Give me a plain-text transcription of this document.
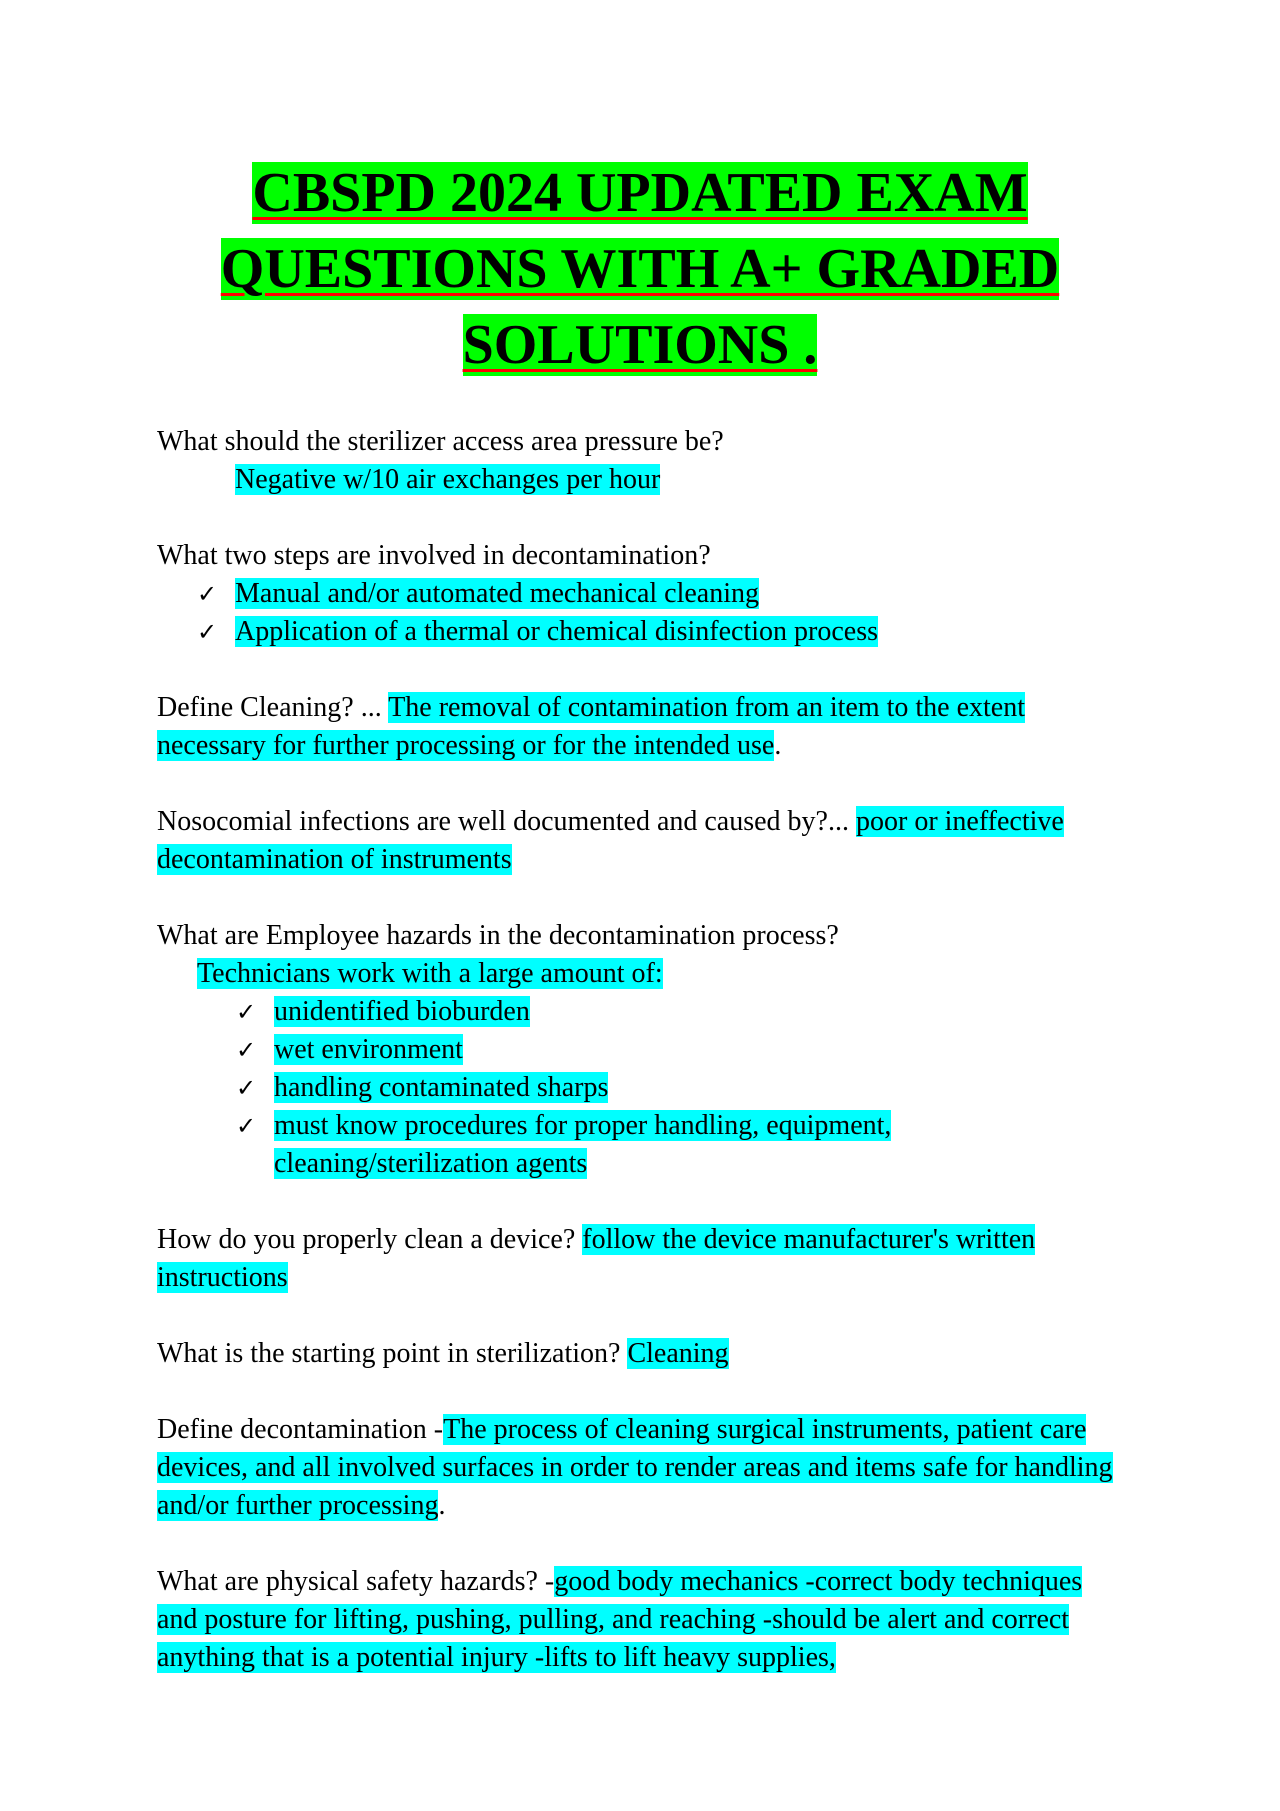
CBSPD 2024 UPDATED EXAM
QUESTIONS WITH A+ GRADED
SOLUTIONS .
What should the sterilizer access area pressure be?
Negative w/10 air exchanges per hour
What two steps are involved in decontamination?
✓ Manual and/or automated mechanical cleaning
✓ Application of a thermal or chemical disinfection process
Define Cleaning? ... The removal of contamination from an item to the extent necessary for further processing or for the intended use.
Nosocomial infections are well documented and caused by?... poor or ineffective decontamination of instruments
What are Employee hazards in the decontamination process?
Technicians work with a large amount of:
✓ unidentified bioburden
✓ wet environment
✓ handling contaminated sharps
✓ must know procedures for proper handling, equipment, cleaning/sterilization agents
How do you properly clean a device? follow the device manufacturer's written instructions
What is the starting point in sterilization? Cleaning
Define decontamination -The process of cleaning surgical instruments, patient care devices, and all involved surfaces in order to render areas and items safe for handling and/or further processing.
What are physical safety hazards? -good body mechanics -correct body techniques and posture for lifting, pushing, pulling, and reaching -should be alert and correct anything that is a potential injury -lifts to lift heavy supplies,
